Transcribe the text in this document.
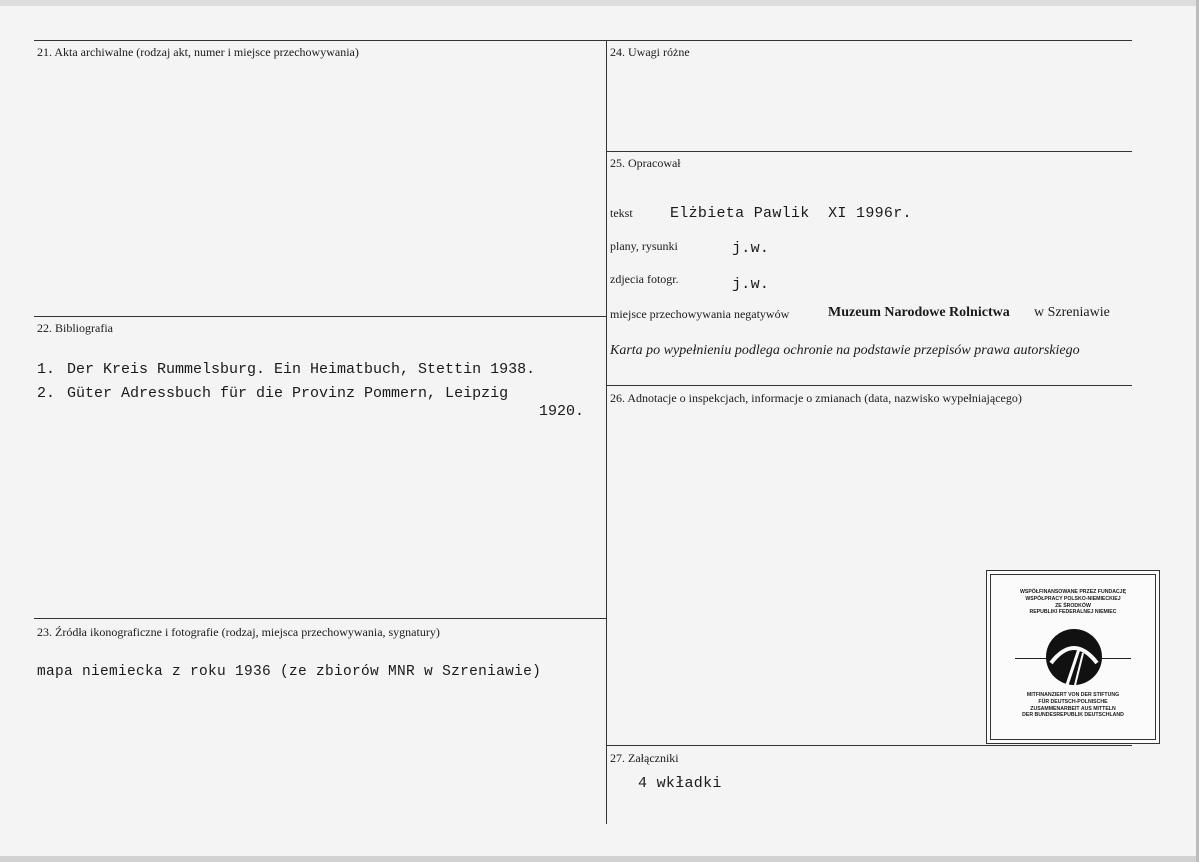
21. Akta archiwalne (rodzaj akt, numer i miejsce przechowywania)
22. Bibliografia
1. Der Kreis Rummelsburg. Ein Heimatbuch, Stettin 1938.
2. Güter Adressbuch für die Provinz Pommern, Leipzig
1920.
23. Źródła ikonograficzne i fotografie (rodzaj, miejsca przechowywania, sygnatury)
mapa niemiecka z roku 1936 (ze zbiorów MNR w Szreniawie)
24. Uwagi różne
25. Opracował
tekst Elżbieta Pawlik  XI 1996r.
plany, rysunki	j.w.
zdjecia fotogr.	j.w.
miejsce przechowywania negatywów	Muzeum Narodowe Rolnictwa w Szreniawie
Karta po wypełnieniu podlega ochronie na podstawie przepisów prawa autorskiego
26. Adnotacje o inspekcjach, informacje o zmianach (data, nazwisko wypełniającego)
27. Załączniki
4 wkładki
WSPÓŁFINANSOWANE PRZEZ FUNDACJĘ
WSPÓŁPRACY POLSKO-NIEMIECKIEJ
ZE ŚRODKÓW
REPUBLIKI FEDERALNEJ NIEMIEC
MITFINANZIERT VON DER STIFTUNG
FÜR DEUTSCH-POLNISCHE
ZUSAMMENARBEIT AUS MITTELN
DER BUNDESREPUBLIK DEUTSCHLAND
